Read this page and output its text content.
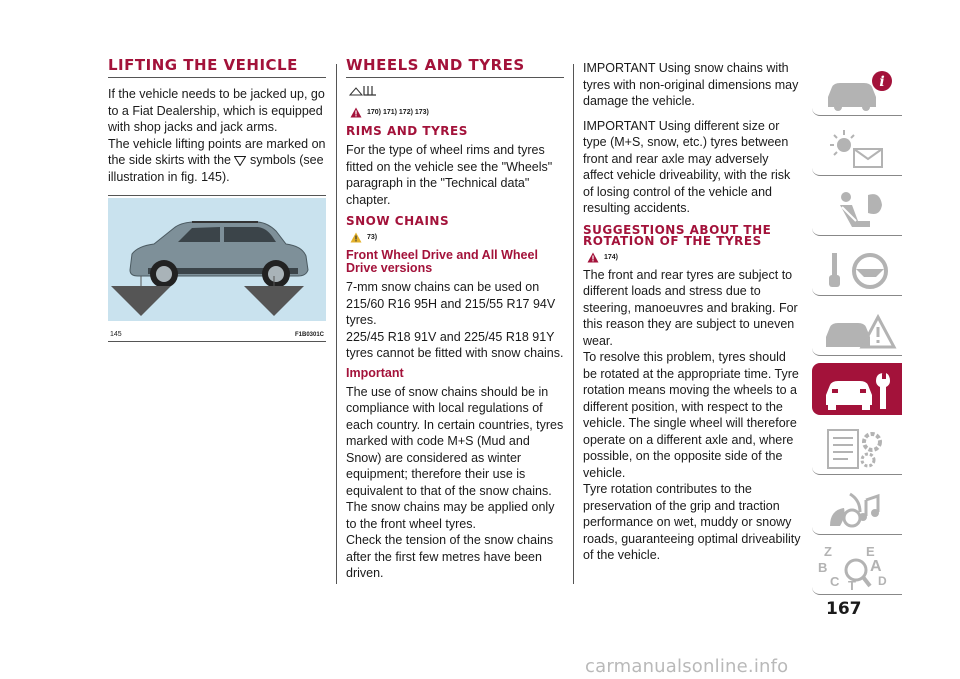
LIFTING THE VEHICLE

If the vehicle needs to be jacked up, go to a Fiat Dealership, which is equipped with shop jacks and jack arms.

The vehicle lifting points are marked on the side skirts with the symbols (see illustration in fig. 145).

145	F1B0301C
WHEELS AND TYRES
170) 171) 172) 173)
RIMS AND TYRES

For the type of wheel rims and tyres fitted on the vehicle see the "Wheels" paragraph in the "Technical data" chapter.

SNOW CHAINS
73)
Front Wheel Drive and All Wheel Drive versions

7-mm snow chains can be used on 215/60 R16 95H and 215/55 R17 94V tyres.

225/45 R18 91V and 225/45 R18 91Y tyres cannot be fitted with snow chains.

Important

The use of snow chains should be in compliance with local regulations of each country. In certain countries, tyres marked with code M+S (Mud and Snow) are considered as winter equipment; therefore their use is equivalent to that of the snow chains.

The snow chains may be applied only to the front wheel tyres.

Check the tension of the snow chains after the first few metres have been driven.

IMPORTANT Using snow chains with tyres with non-original dimensions may damage the vehicle.

IMPORTANT Using different size or type (M+S, snow, etc.) tyres between front and rear axle may adversely affect vehicle driveability, with the risk of losing control of the vehicle and resulting accidents.

SUGGESTIONS ABOUT THE ROTATION OF THE TYRES
174)

The front and rear tyres are subject to different loads and stress due to steering, manoeuvres and braking. For this reason they are subject to uneven wear.

To resolve this problem, tyres should be rotated at the appropriate time. Tyre rotation means moving the wheels to a different position, with respect to the vehicle. The single wheel will therefore operate on a different axle and, where possible, on the opposite side of the vehicle.

Tyre rotation contributes to the preservation of the grip and traction performance on wet, muddy or snowy roads, guaranteeing optimal driveability of the vehicle.

i
Z	E
B	A
C	D
T
167
carmanualsonline.info
